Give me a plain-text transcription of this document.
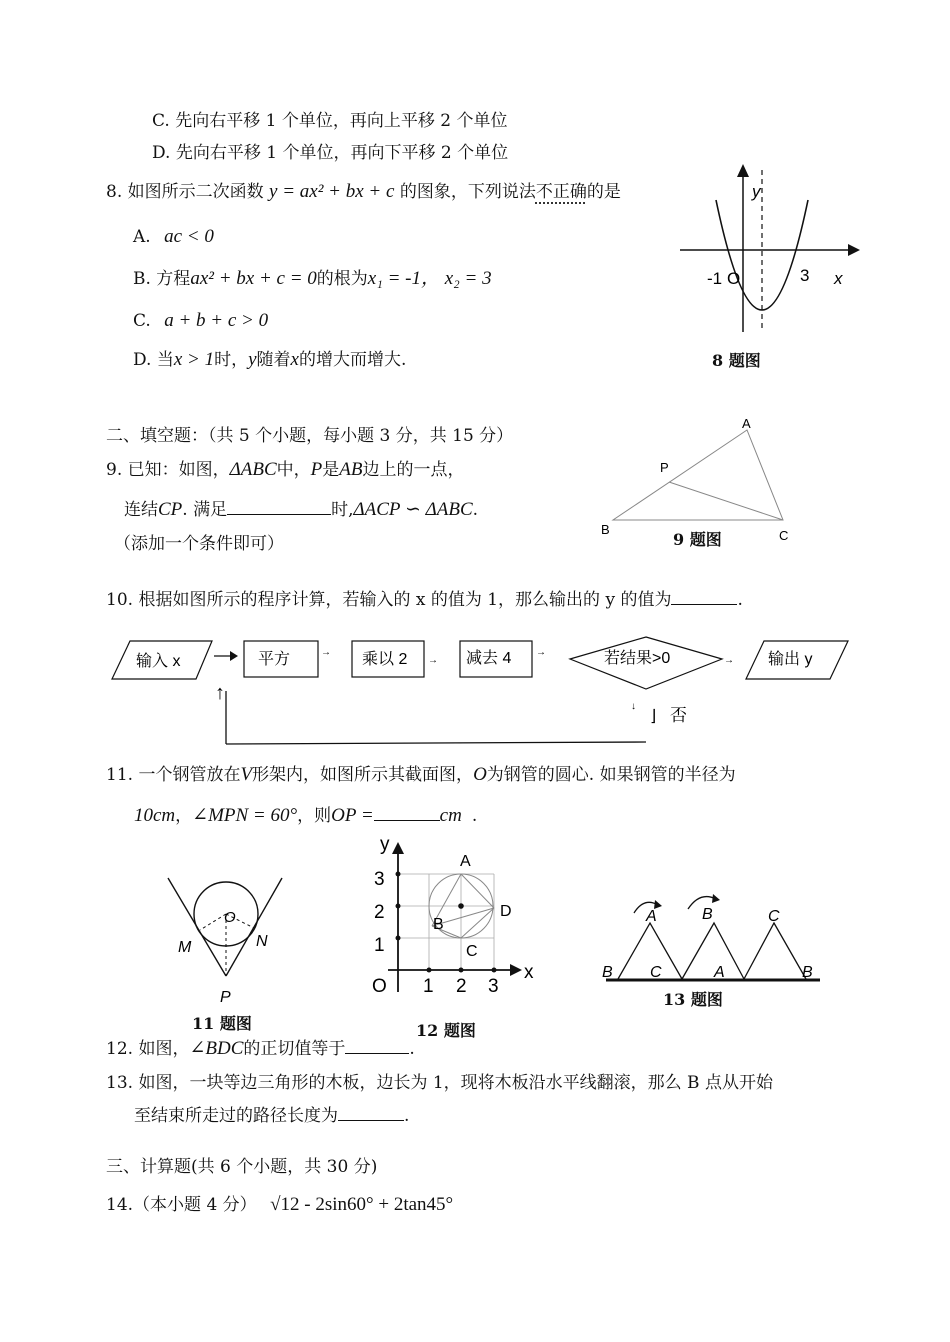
C. 先向右平移 1 个单位，再向上平移 2 个单位
D. 先向右平移 1 个单位，再向下平移 2 个单位
8. 如图所示二次函数 y = ax² + bx + c 的图象，下列说法不正确的是
A. ac < 0
B. 方程ax² + bx + c = 0的根为x₁ = -1， x₂ = 3
C. a + b + c > 0
D. 当x > 1时，y随着x的增大而增大.
y
x
-1 O	3
8 题图
二、填空题：（共 5 个小题，每小题 3 分，共 15 分）
9. 已知：如图，ΔABC中，P是AB边上的一点，
连结CP. 满足	时,ΔACP ∽ ΔABC.
（添加一个条件即可）
A
B	C
P
9 题图
10. 根据如图所示的程序计算，若输入的 x 的值为 1，那么输出的 y 的值为	.
输入 x	平方	→ 乘以 2 → 减去 4 →	若结果>0	→ 输出 y
↓
⌋ 否
↑
11. 一个钢管放在V形架内，如图所示其截面图，O为钢管的圆心. 如果钢管的半径为
10cm，∠MPN = 60°，则OP =	cm .
O
M	N
P
11 题图
y
x
O 1 2 3
1
2
3
A
B
C
D
12 题图
A	B	C
B C	A	B
13 题图
12. 如图，∠BDC的正切值等于	.
13. 如图，一块等边三角形的木板，边长为 1，现将木板沿水平线翻滚，那么 B 点从开始
至结束所走过的路径长度为	.
三、计算题(共 6 个小题，共 30 分)
14.（本小题 4 分） √12 - 2sin60° + 2tan45°
